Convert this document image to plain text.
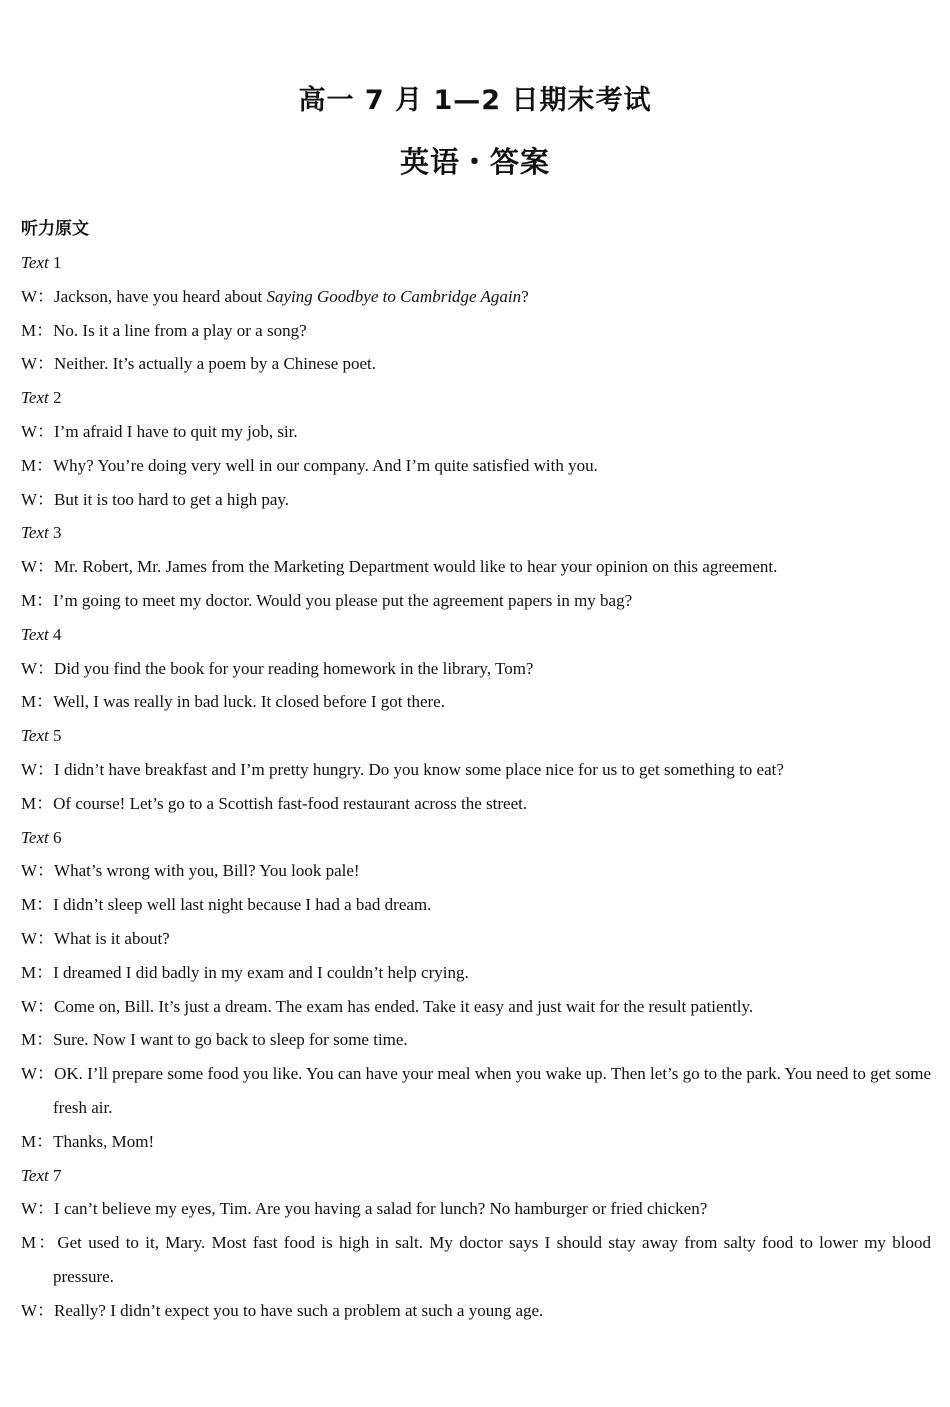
高一 7 月 1—2 日期末考试
英语・答案
听力原文
Text 1
W：Jackson, have you heard about Saying Goodbye to Cambridge Again?
M：No. Is it a line from a play or a song?
W：Neither. It’s actually a poem by a Chinese poet.
Text 2
W：I’m afraid I have to quit my job, sir.
M：Why? You’re doing very well in our company. And I’m quite satisfied with you.
W：But it is too hard to get a high pay.
Text 3
W：Mr. Robert, Mr. James from the Marketing Department would like to hear your opinion on this agreement.
M：I’m going to meet my doctor. Would you please put the agreement papers in my bag?
Text 4
W：Did you find the book for your reading homework in the library, Tom?
M：Well, I was really in bad luck. It closed before I got there.
Text 5
W：I didn’t have breakfast and I’m pretty hungry. Do you know some place nice for us to get something to eat?
M：Of course! Let’s go to a Scottish fast-food restaurant across the street.
Text 6
W：What’s wrong with you, Bill? You look pale!
M：I didn’t sleep well last night because I had a bad dream.
W：What is it about?
M：I dreamed I did badly in my exam and I couldn’t help crying.
W：Come on, Bill. It’s just a dream. The exam has ended. Take it easy and just wait for the result patiently.
M：Sure. Now I want to go back to sleep for some time.
W：OK. I’ll prepare some food you like. You can have your meal when you wake up. Then let’s go to the park. You need to get some fresh air.
M：Thanks, Mom!
Text 7
W：I can’t believe my eyes, Tim. Are you having a salad for lunch? No hamburger or fried chicken?
M：Get used to it, Mary. Most fast food is high in salt. My doctor says I should stay away from salty food to lower my blood pressure.
W：Really? I didn’t expect you to have such a problem at such a young age.
